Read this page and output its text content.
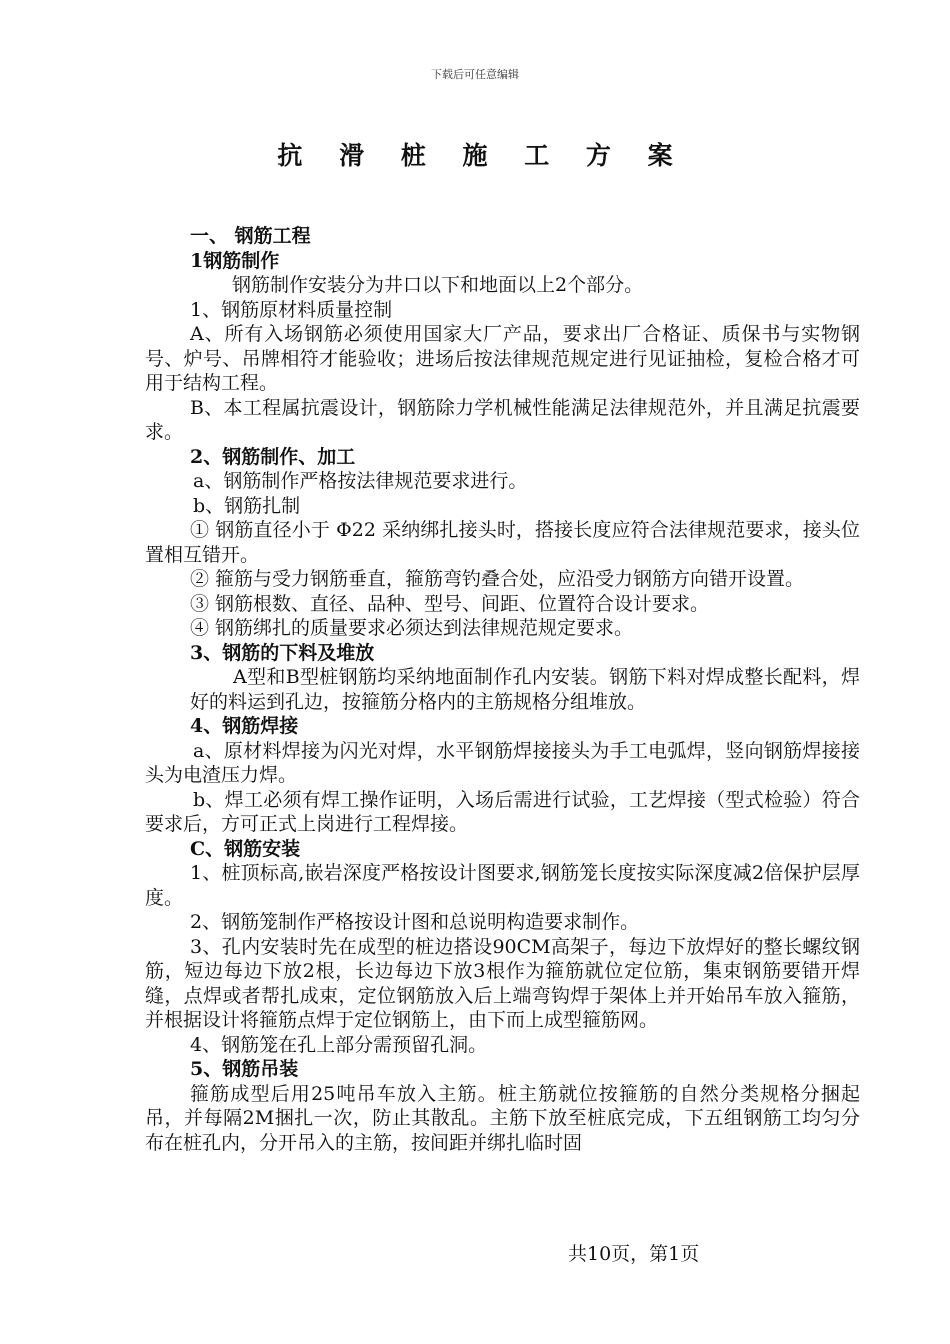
下载后可任意编辑
抗 滑 桩 施 工 方 案

一、 钢筋工程

1钢筋制作

钢筋制作安装分为井口以下和地面以上2个部分。

1、钢筋原材料质量控制

A、所有入场钢筋必须使用国家大厂产品，要求出厂合格证、质保书与实物钢号、炉号、吊牌相符才能验收；进场后按法律规范规定进行见证抽检，复检合格才可用于结构工程。

B、本工程属抗震设计，钢筋除力学机械性能满足法律规范外，并且满足抗震要求。

2、钢筋制作、加工

a、钢筋制作严格按法律规范要求进行。

b、钢筋扎制

① 钢筋直径小于 Φ22 采纳绑扎接头时，搭接长度应符合法律规范要求，接头位置相互错开。

② 箍筋与受力钢筋垂直，箍筋弯钓叠合处，应沿受力钢筋方向错开设置。

③ 钢筋根数、直径、品种、型号、间距、位置符合设计要求。

④ 钢筋绑扎的质量要求必须达到法律规范规定要求。

3、钢筋的下料及堆放

A型和B型桩钢筋均采纳地面制作孔内安装。钢筋下料对焊成整长配料，焊好的料运到孔边，按箍筋分格内的主筋规格分组堆放。

4、钢筋焊接

a、原材料焊接为闪光对焊，水平钢筋焊接接头为手工电弧焊，竖向钢筋焊接接头为电渣压力焊。

b、焊工必须有焊工操作证明，入场后需进行试验，工艺焊接（型式检验）符合要求后，方可正式上岗进行工程焊接。

C、钢筋安装

1、桩顶标高,嵌岩深度严格按设计图要求,钢筋笼长度按实际深度减2倍保护层厚度。

2、钢筋笼制作严格按设计图和总说明构造要求制作。

3、孔内安装时先在成型的桩边搭设90CM高架子，每边下放焊好的整长螺纹钢筋，短边每边下放2根，长边每边下放3根作为箍筋就位定位筋，集束钢筋要错开焊缝，点焊或者帮扎成束，定位钢筋放入后上端弯钩焊于架体上并开始吊车放入箍筋，并根据设计将箍筋点焊于定位钢筋上，由下而上成型箍筋网。

4、钢筋笼在孔上部分需预留孔洞。

5、钢筋吊装

箍筋成型后用25吨吊车放入主筋。桩主筋就位按箍筋的自然分类规格分捆起吊，并每隔2M捆扎一次，防止其散乱。主筋下放至桩底完成，下五组钢筋工均匀分布在桩孔内，分开吊入的主筋，按间距并绑扎临时固

共10页，第1页
